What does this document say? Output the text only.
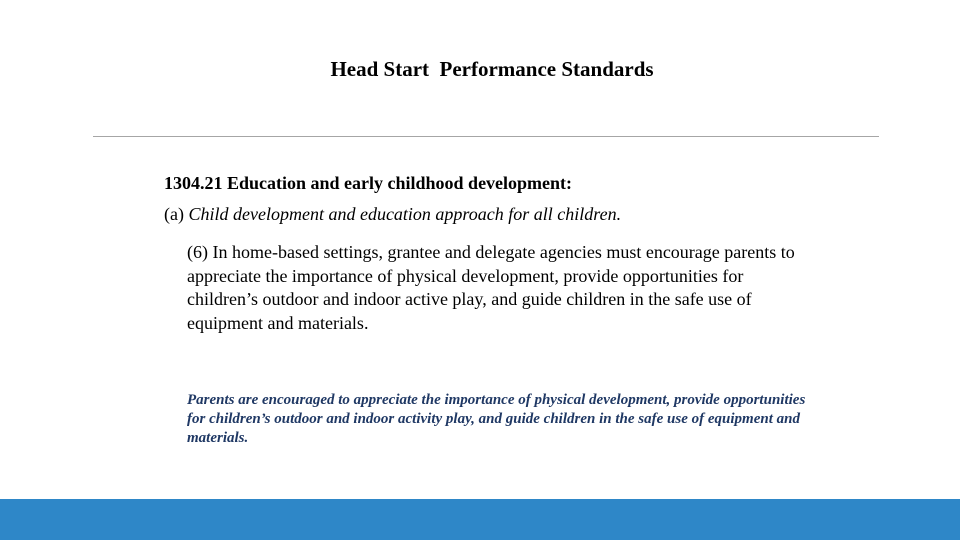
Head Start  Performance Standards
1304.21 Education and early childhood development:
(a) Child development and education approach for all children.
(6) In home-based settings, grantee and delegate agencies must encourage parents to appreciate the importance of physical development, provide opportunities for children’s outdoor and indoor active play, and guide children in the safe use of equipment and materials.
Parents are encouraged to appreciate the importance of physical development, provide opportunities for children’s outdoor and indoor activity play, and guide children in the safe use of equipment and materials.
